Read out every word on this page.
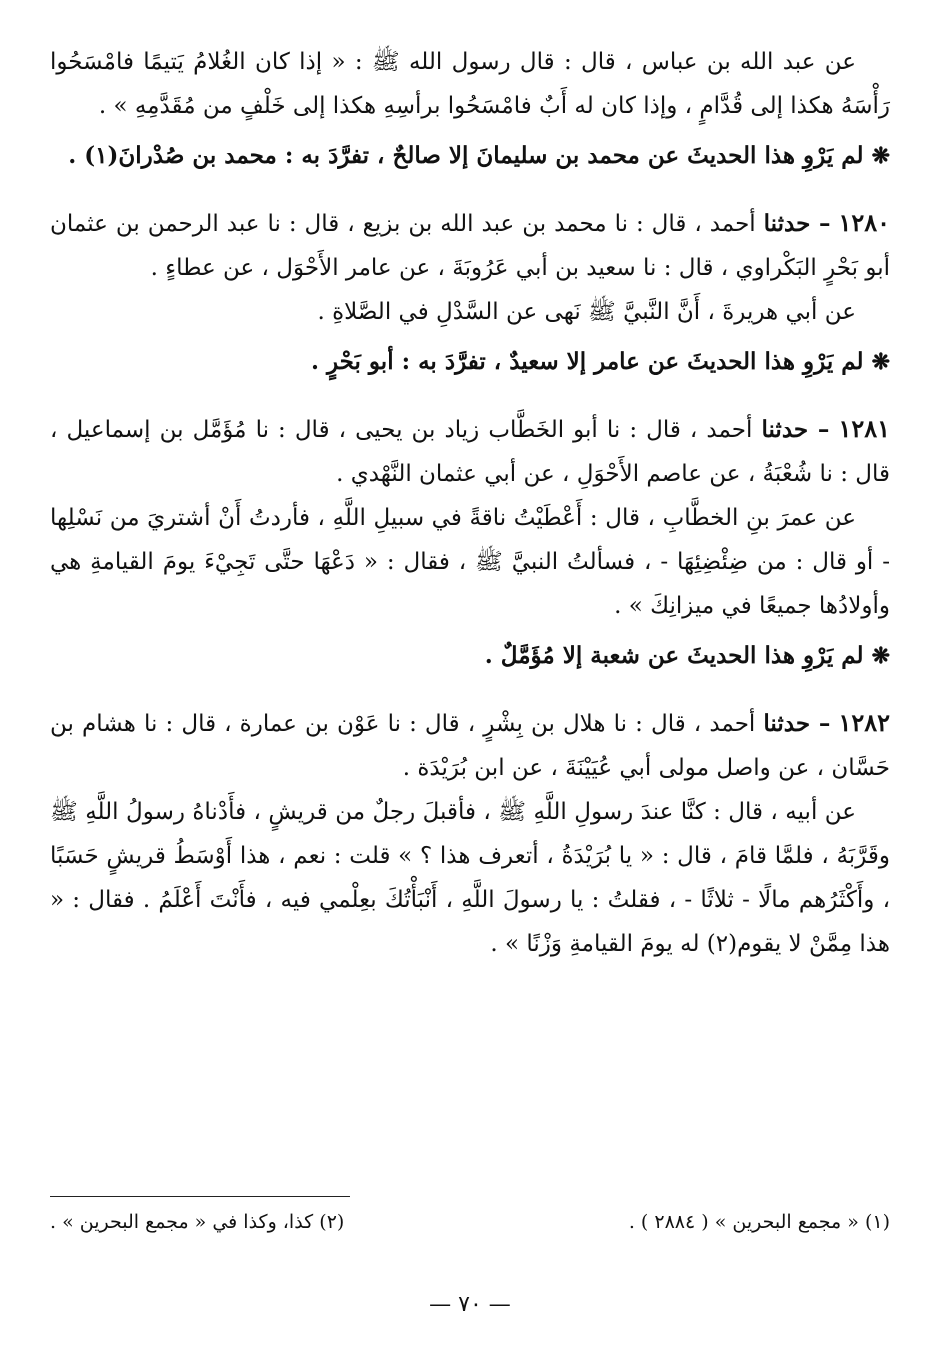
عن عبد الله بن عباس ، قال : قال رسول الله ﷺ : « إذا كان الغُلامُ يَتيمًا فامْسَحُوا رَأْسَهُ هكذا إلى قُدَّامٍ ، وإذا كان له أَبٌ فامْسَحُوا برأسِهِ هكذا إلى خَلْفٍ من مُقَدَّمِهِ » .

❋لم يَرْوِ هذا الحديثَ عن محمد بن سليمانَ إلا صالحٌ ، تفرَّدَ به : محمد بن صُدْرانَ(١) .

١٢٨٠ – حدثنا أحمد ، قال : نا محمد بن عبد الله بن بزيع ، قال : نا عبد الرحمن بن عثمان أبو بَحْرٍ البَكْراوي ، قال : نا سعيد بن أبي عَرُوبَةَ ، عن عامر الأَحْوَل ، عن عطاءٍ .

عن أبي هريرةَ ، أَنَّ النَّبيَّ ﷺ نَهى عن السَّدْلِ في الصَّلاةِ .

❋لم يَرْوِ هذا الحديثَ عن عامر إلا سعيدٌ ، تفرَّدَ به : أبو بَحْرٍ .

١٢٨١ – حدثنا أحمد ، قال : نا أبو الخَطَّاب زياد بن يحيى ، قال : نا مُؤَمَّل بن إسماعيل ، قال : نا شُعْبَةُ ، عن عاصم الأَحْوَلِ ، عن أبي عثمان النَّهْدي .

عن عمرَ بنِ الخطَّابِ ، قال : أَعْطَيْتُ ناقةً في سبيلِ اللَّهِ ، فأردتُ أَنْ أشتريَ من نَسْلِها - أو قال : من ضِئْضِئِهَا - ، فسألتُ النبيَّ ﷺ ، فقال : « دَعْهَا حتَّى تَجِيْءَ يومَ القيامةِ هي وأولادُها جميعًا في ميزانِكَ » .

❋لم يَرْوِ هذا الحديثَ عن شعبة إلا مُؤَمَّلٌ .

١٢٨٢ – حدثنا أحمد ، قال : نا هلال بن بِشْرٍ ، قال : نا عَوْن بن عمارة ، قال : نا هشام بن حَسَّان ، عن واصل مولى أبي عُيَيْنَةَ ، عن ابن بُرَيْدَة .

عن أبيه ، قال : كنَّا عندَ رسولِ اللَّهِ ﷺ ، فأقبلَ رجلٌ من قريشٍ ، فأَدْناهُ رسولُ اللَّهِ ﷺ وقَرَّبَهُ ، فلمَّا قامَ ، قال : « يا بُرَيْدَةُ ، أتعرف هذا ؟ » قلت : نعم ، هذا أَوْسَطُ قريشٍ حَسَبًا ، وأَكْثَرُهم مالًا - ثلاثًا - ، فقلتُ : يا رسولَ اللَّهِ ، أَنْبَأْتُكَ بعِلْمي فيه ، فأَنْتَ أَعْلَمُ . فقال : « هذا مِمَّنْ لا يقوم(٢) له يومَ القيامةِ وَزْنًا » .

(١) « مجمع البحرين » ( ٢٨٨٤ ) .
(٢) كذا، وكذا في « مجمع البحرين » .
— ٧٠ —
